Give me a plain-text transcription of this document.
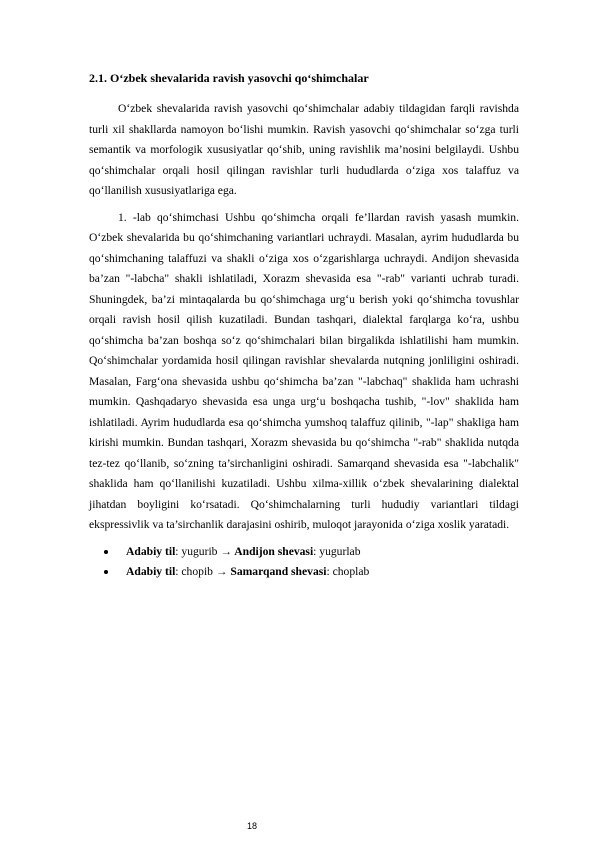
2.1. O‘zbek shevalarida ravish yasovchi qo‘shimchalar

O‘zbek shevalarida ravish yasovchi qo‘shimchalar adabiy tildagidan farqli ravishda turli xil shakllarda namoyon bo‘lishi mumkin. Ravish yasovchi qo‘shimchalar so‘zga turli semantik va morfologik xususiyatlar qo‘shib, uning ravishlik ma’nosini belgilaydi. Ushbu qo‘shimchalar orqali hosil qilingan ravishlar turli hududlarda o‘ziga xos talaffuz va qo‘llanilish xususiyatlariga ega.

1. -lab qo‘shimchasi Ushbu qo‘shimcha orqali fe’llardan ravish yasash mumkin. O‘zbek shevalarida bu qo‘shimchaning variantlari uchraydi. Masalan, ayrim hududlarda bu qo‘shimchaning talaffuzi va shakli o‘ziga xos o‘zgarishlarga uchraydi. Andijon shevasida ba’zan "-labcha" shakli ishlatiladi, Xorazm shevasida esa "-rab" varianti uchrab turadi. Shuningdek, ba’zi mintaqalarda bu qo‘shimchaga urg‘u berish yoki qo‘shimcha tovushlar orqali ravish hosil qilish kuzatiladi. Bundan tashqari, dialektal farqlarga ko‘ra, ushbu qo‘shimcha ba’zan boshqa so‘z qo‘shimchalari bilan birgalikda ishlatilishi ham mumkin. Qo‘shimchalar yordamida hosil qilingan ravishlar shevalarda nutqning jonliligini oshiradi. Masalan, Farg‘ona shevasida ushbu qo‘shimcha ba’zan "-labchaq" shaklida ham uchrashi mumkin. Qashqadaryo shevasida esa unga urg‘u boshqacha tushib, "-lov" shaklida ham ishlatiladi. Ayrim hududlarda esa qo‘shimcha yumshoq talaffuz qilinib, "-lap" shakliga ham kirishi mumkin. Bundan tashqari, Xorazm shevasida bu qo‘shimcha "-rab" shaklida nutqda tez-tez qo‘llanib, so‘zning ta’sirchanligini oshiradi. Samarqand shevasida esa "-labchalik" shaklida ham qo‘llanilishi kuzatiladi. Ushbu xilma-xillik o‘zbek shevalarining dialektal jihatdan boyligini ko‘rsatadi. Qo‘shimchalarning turli hududiy variantlari tildagi ekspressivlik va ta’sirchanlik darajasini oshirib, muloqot jarayonida o‘ziga xoslik yaratadi.

Adabiy til: yugurib → Andijon shevasi: yugurlab
Adabiy til: chopib → Samarqand shevasi: choplab
18
